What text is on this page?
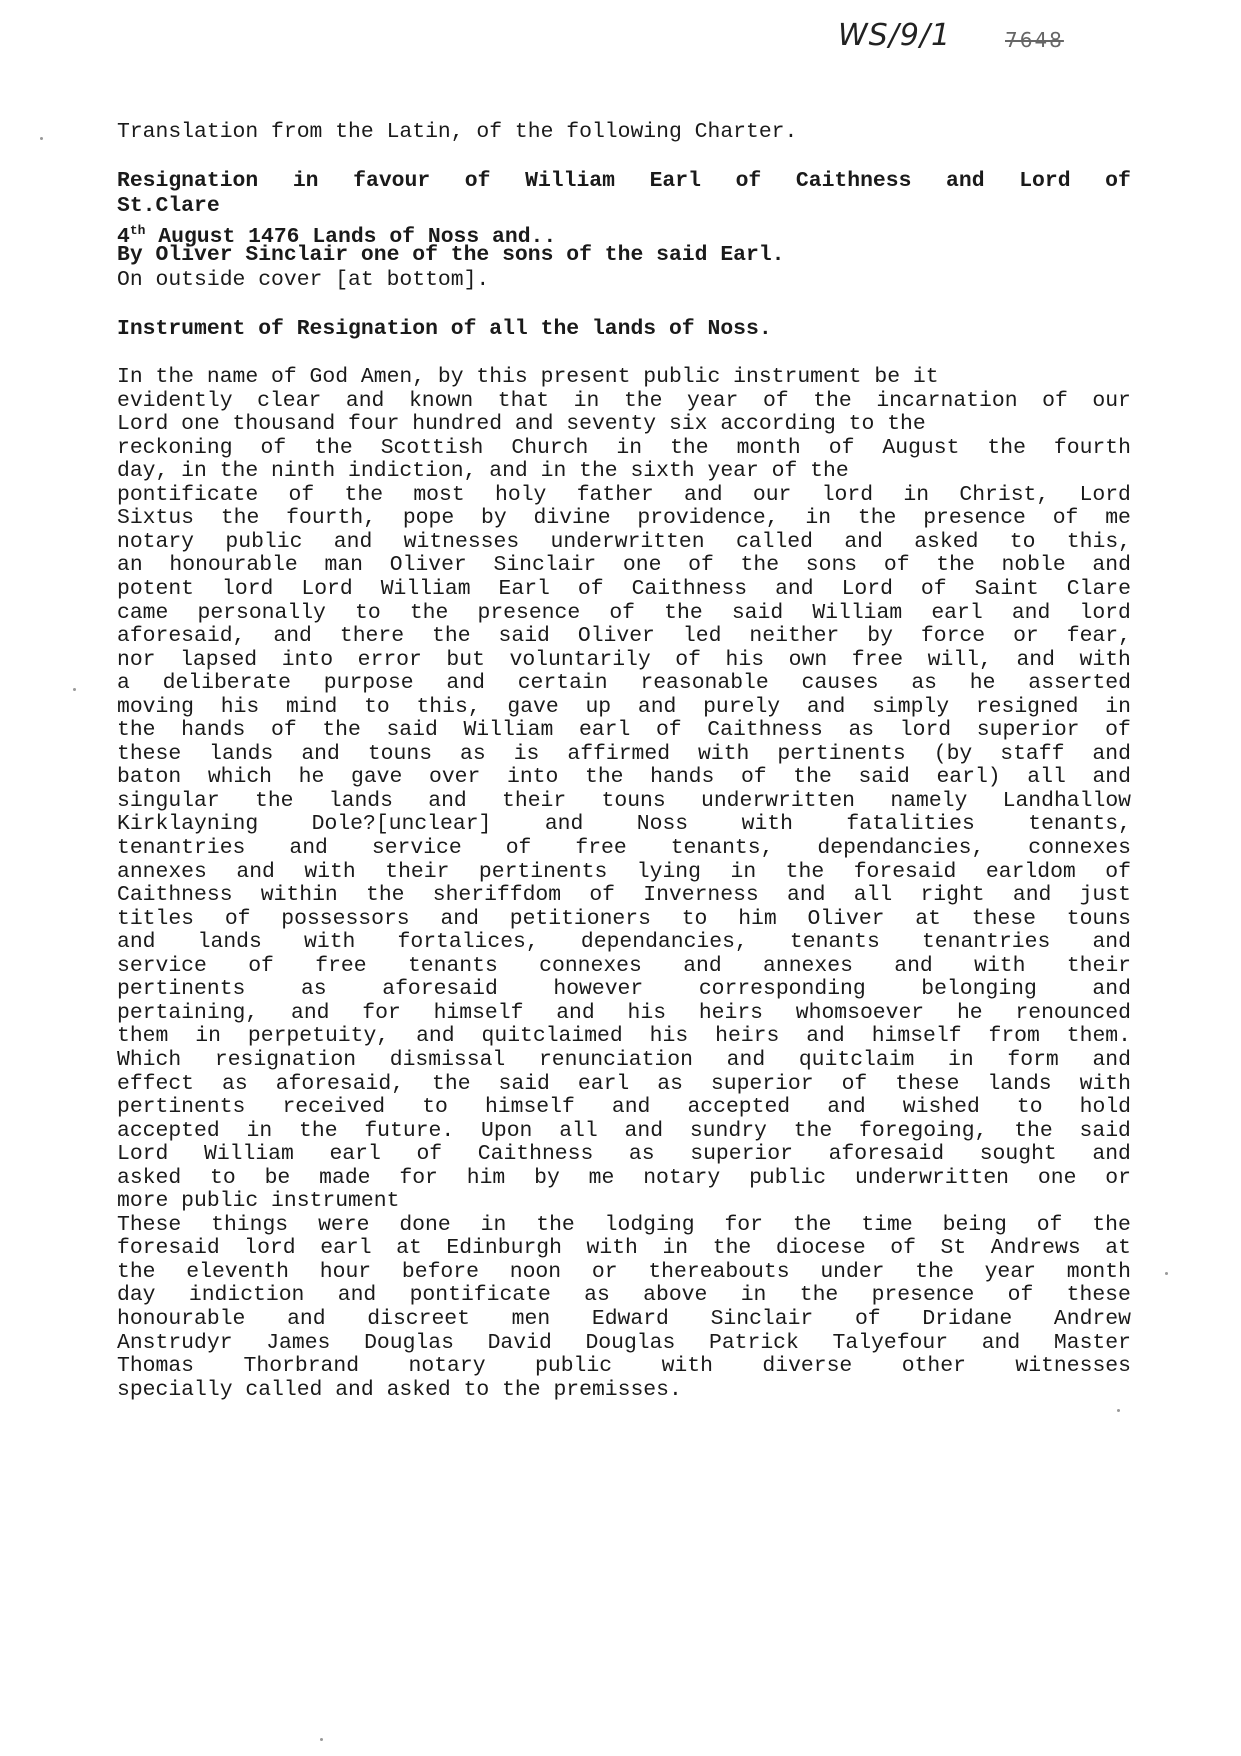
WS/9/1	7648
Translation from the Latin, of the following Charter.
Resignation in favour of William Earl of Caithness and Lord of
St.Clare
4th August 1476 Lands of Noss and..
By Oliver Sinclair one of the sons of the said Earl.
On outside cover [at bottom].
Instrument of Resignation of all the lands of Noss.
In the name of God Amen, by this present public instrument be it
evidently clear and known that in the year of the incarnation of our
Lord one thousand four hundred and seventy six according to the
reckoning of the Scottish Church in the month of August the fourth
day, in the ninth indiction, and in the sixth year of the
pontificate of the most holy father and our lord in Christ, Lord
Sixtus the fourth, pope by divine providence, in the presence of me
notary public and witnesses underwritten called and asked to this,
an honourable man Oliver Sinclair one of the sons of the noble and
potent lord Lord William Earl of Caithness and Lord of Saint Clare
came personally to the presence of the said William earl and lord
aforesaid, and there the said Oliver led neither by force or fear,
nor lapsed into error but voluntarily of his own free will, and with
a deliberate purpose and certain reasonable causes as he asserted
moving his mind to this, gave up and purely and simply resigned in
the hands of the said William earl of Caithness as lord superior of
these lands and touns as is affirmed with pertinents (by staff and
baton which he gave over into the hands of the said earl) all and
singular the lands and their touns underwritten namely Landhallow
Kirklayning Dole?[unclear] and Noss with fatalities tenants,
tenantries and service of free tenants, dependancies, connexes
annexes and with their pertinents lying in the foresaid earldom of
Caithness within the sheriffdom of Inverness and all right and just
titles of possessors and petitioners to him Oliver at these touns
and lands with fortalices, dependancies, tenants tenantries and
service of free tenants connexes and annexes and with their
pertinents	as	aforesaid	however	corresponding	belonging	and
pertaining, and for himself and his heirs whomsoever he renounced
them in perpetuity, and quitclaimed his heirs and himself from them.
Which resignation dismissal renunciation and quitclaim in form and
effect as aforesaid, the said earl as superior of these lands with
pertinents received to himself and accepted and wished to hold
accepted in the future. Upon all and sundry the foregoing, the said
Lord William earl of Caithness as superior aforesaid sought and
asked to be made for him by me notary public underwritten one or
more public instrument
These things were done in the lodging for the time being of the
foresaid lord earl at Edinburgh with in the diocese of St Andrews at
the eleventh hour before noon or thereabouts under the year month
day indiction and pontificate as above in the presence of these
honourable and discreet men Edward Sinclair of Dridane Andrew
Anstrudyr James Douglas David Douglas Patrick Talyefour and Master
Thomas Thorbrand notary public with diverse other witnesses
specially called and asked to the premisses.
